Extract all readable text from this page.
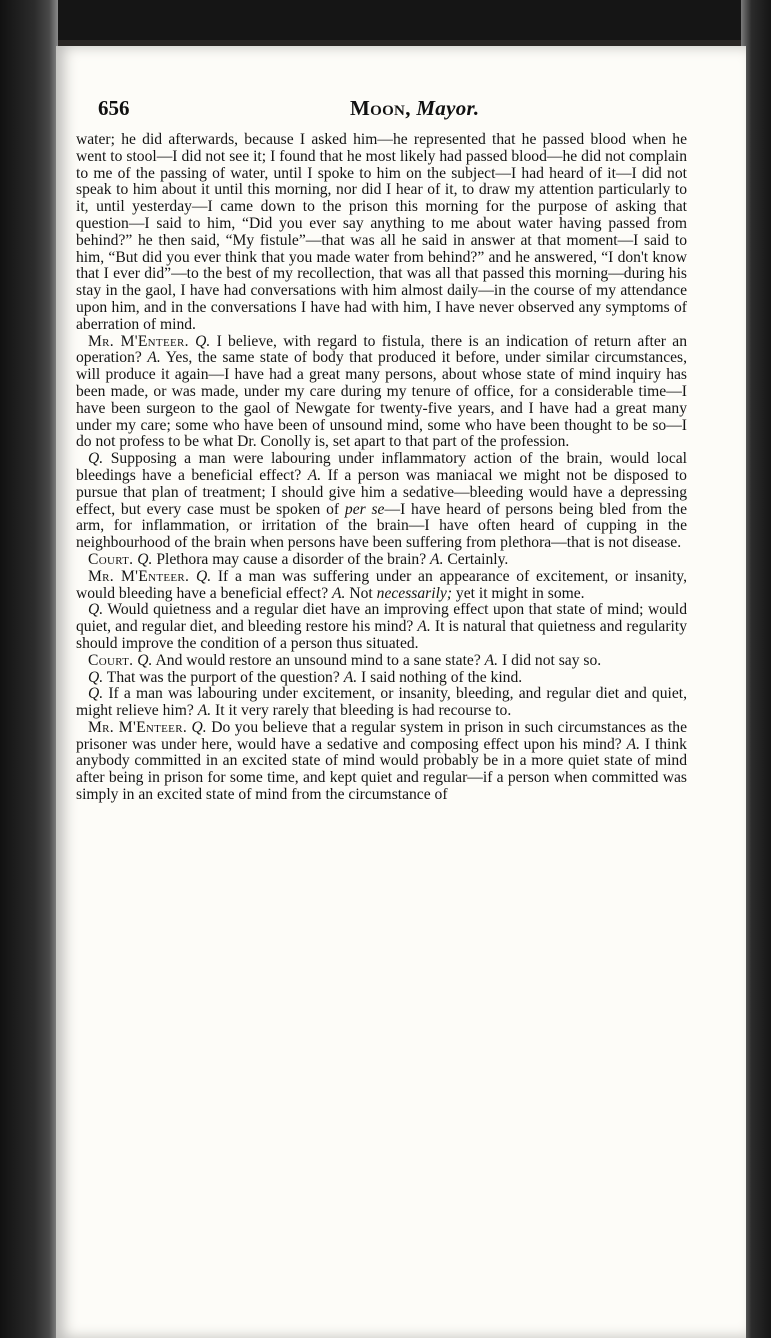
656	Moon, Mayor.

water; he did afterwards, because I asked him—he represented that he passed blood when he went to stool—I did not see it; I found that he most likely had passed blood—he did not complain to me of the passing of water, until I spoke to him on the subject—I had heard of it—I did not speak to him about it until this morning, nor did I hear of it, to draw my attention particularly to it, until yesterday—I came down to the prison this morning for the purpose of asking that question—I said to him, “Did you ever say anything to me about water having passed from behind?” he then said, “My fistule”—that was all he said in answer at that moment—I said to him, “But did you ever think that you made water from behind?” and he answered, “I don't know that I ever did”—to the best of my recollection, that was all that passed this morning—during his stay in the gaol, I have had conversations with him almost daily—in the course of my attendance upon him, and in the conversations I have had with him, I have never observed any symptoms of aberration of mind.

Mr. M'Enteer. Q. I believe, with regard to fistula, there is an indication of return after an operation? A. Yes, the same state of body that produced it before, under similar circumstances, will produce it again—I have had a great many persons, about whose state of mind inquiry has been made, or was made, under my care during my tenure of office, for a considerable time—I have been surgeon to the gaol of Newgate for twenty-five years, and I have had a great many under my care; some who have been of unsound mind, some who have been thought to be so—I do not profess to be what Dr. Conolly is, set apart to that part of the profession.

Q. Supposing a man were labouring under inflammatory action of the brain, would local bleedings have a beneficial effect? A. If a person was maniacal we might not be disposed to pursue that plan of treatment; I should give him a sedative—bleeding would have a depressing effect, but every case must be spoken of per se—I have heard of persons being bled from the arm, for inflammation, or irritation of the brain—I have often heard of cupping in the neighbourhood of the brain when persons have been suffering from plethora—that is not disease.

Court. Q. Plethora may cause a disorder of the brain? A. Certainly.

Mr. M'Enteer. Q. If a man was suffering under an appearance of excitement, or insanity, would bleeding have a beneficial effect? A. Not necessarily; yet it might in some.

Q. Would quietness and a regular diet have an improving effect upon that state of mind; would quiet, and regular diet, and bleeding restore his mind? A. It is natural that quietness and regularity should improve the condition of a person thus situated.

Court. Q. And would restore an unsound mind to a sane state? A. I did not say so.

Q. That was the purport of the question? A. I said nothing of the kind.

Q. If a man was labouring under excitement, or insanity, bleeding, and regular diet and quiet, might relieve him? A. It it very rarely that bleeding is had recourse to.

Mr. M'Enteer. Q. Do you believe that a regular system in prison in such circumstances as the prisoner was under here, would have a sedative and composing effect upon his mind? A. I think anybody committed in an excited state of mind would probably be in a more quiet state of mind after being in prison for some time, and kept quiet and regular—if a person when committed was simply in an excited state of mind from the circumstance of
